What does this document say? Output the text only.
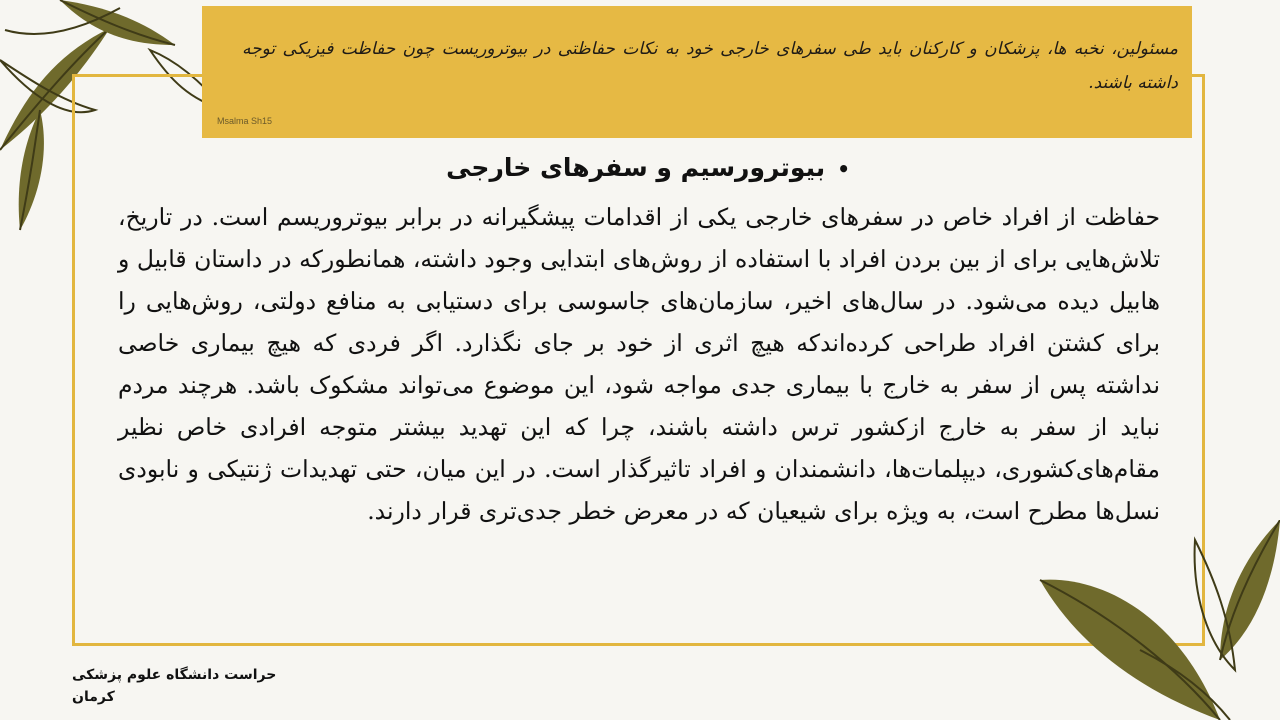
مسئولین، نخبه ها، پزشکان و کارکنان باید طی سفرهای خارجی خود به نکات حفاظتی در بیوتروریست چون حفاظت فیزیکی توجه داشته باشند.

Msalma Sh15
•بیوترورسیم و سفرهای خارجی

حفاظت از افراد خاص در سفرهای خارجی یکی از اقدامات پیشگیرانه در برابر بیوتروریسم است. در تاریخ، تلاش‌هایی برای از بین بردن افراد با استفاده از روش‌های ابتدایی وجود داشته، همانطورکه در داستان قابیل و هابیل دیده می‌شود. در سال‌های اخیر، سازمان‌های جاسوسی برای دستیابی به منافع دولتی، روش‌هایی را برای کشتن افراد طراحی کرده‌اندکه هیچ اثری از خود بر جای نگذارد. اگر فردی که هیچ بیماری خاصی نداشته پس از سفر به خارج با بیماری جدی مواجه شود، این موضوع می‌تواند مشکوک باشد. هرچند مردم نباید از سفر به خارج ازکشور ترس داشته باشند، چرا که این تهدید بیشتر متوجه افرادی خاص نظیر مقام‌های‌کشوری، دیپلمات‌ها، دانشمندان و افراد تاثیرگذار است. در این میان، حتی تهدیدات ژنتیکی و نابودی نسل‌ها مطرح است، به ویژه برای شیعیان که در معرض خطر جدی‌تری قرار دارند.

حراست دانشگاه علوم پزشکی کرمان
